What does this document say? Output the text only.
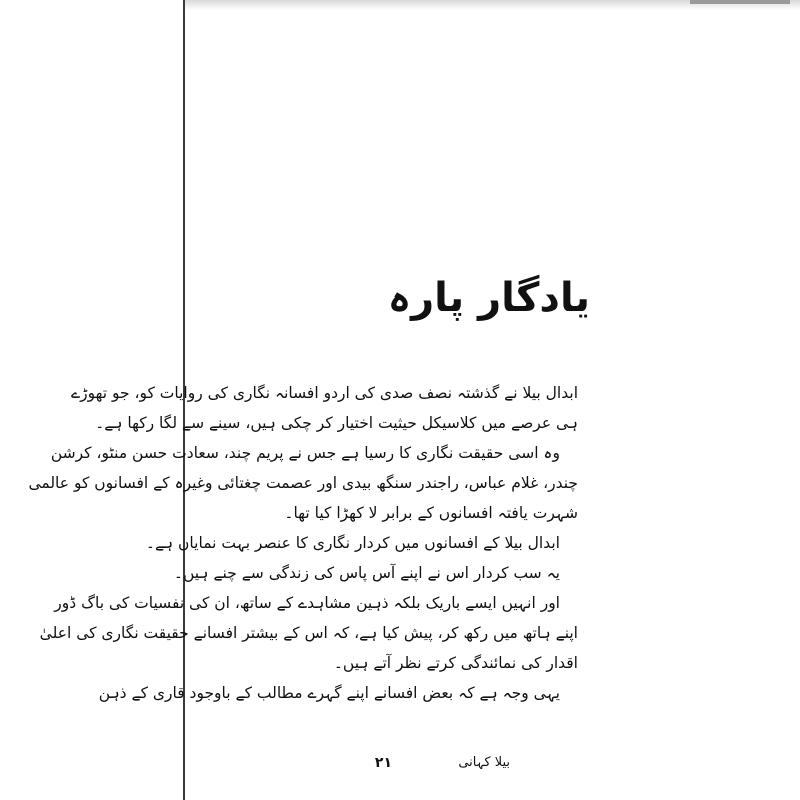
یادگار پارہ
ابدال بیلا نے گذشتہ نصف صدی کی اردو افسانہ نگاری کی روایات کو، جو تھوڑے
ہی عرصے میں کلاسیکل حیثیت اختیار کر چکی ہیں، سینے سے لگا رکھا ہے۔
وہ اسی حقیقت نگاری کا رسیا ہے جس نے پریم چند، سعادت حسن منٹو، کرشن
چندر، غلام عباس، راجندر سنگھ بیدی اور عصمت چغتائی وغیرہ کے افسانوں کو عالمی
شہرت یافتہ افسانوں کے برابر لا کھڑا کیا تھا۔
ابدال بیلا کے افسانوں میں کردار نگاری کا عنصر بہت نمایاں ہے۔
یہ سب کردار اس نے اپنے آس پاس کی زندگی سے چنے ہیں۔
اور انہیں ایسے باریک بلکہ ذہین مشاہدے کے ساتھ، ان کی نفسیات کی باگ ڈور
اپنے ہاتھ میں رکھ کر، پیش کیا ہے، کہ اس کے بیشتر افسانے حقیقت نگاری کی اعلیٰ
اقدار کی نمائندگی کرتے نظر آتے ہیں۔
یہی وجہ ہے کہ بعض افسانے اپنے گہرے مطالب کے باوجود قاری کے ذہن
بیلا کہانی
۲۱
